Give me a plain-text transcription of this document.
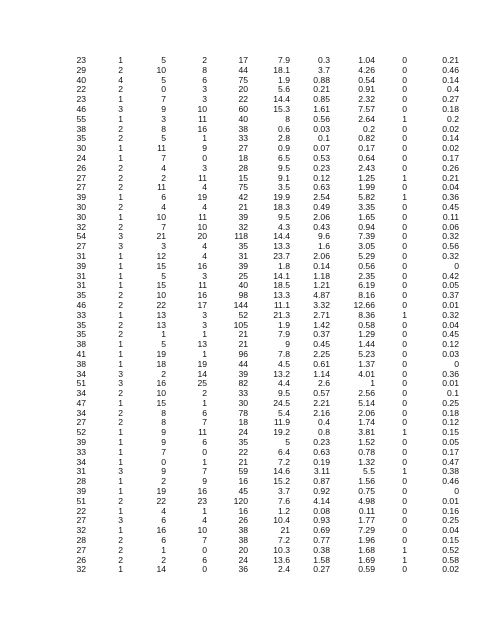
23	1	5	2	17	7.9	0.3	1.04	0	0.21
29	2	10	8	44	18.1	3.7	4.26	0	0.46
40	4	5	6	75	1.9	0.88	0.54	0	0.14
22	2	0	3	20	5.6	0.21	0.91	0	0.4
23	1	7	3	22	14.4	0.85	2.32	0	0.27
46	3	9	10	60	15.3	1.61	7.57	0	0.18
55	1	3	11	40	8	0.56	2.64	1	0.2
38	2	8	16	38	0.6	0.03	0.2	0	0.02
35	2	5	1	33	2.8	0.1	0.82	0	0.14
30	1	11	9	27	0.9	0.07	0.17	0	0.02
24	1	7	0	18	6.5	0.53	0.64	0	0.17
26	2	4	3	28	9.5	0.23	2.43	0	0.26
27	2	2	11	15	9.1	0.12	1.25	1	0.21
27	2	11	4	75	3.5	0.63	1.99	0	0.04
39	1	6	19	42	19.9	2.54	5.82	1	0.36
30	2	4	4	21	18.3	0.49	3.35	0	0.45
30	1	10	11	39	9.5	2.06	1.65	0	0.11
32	2	7	10	32	4.3	0.43	0.94	0	0.06
54	3	21	20	118	14.4	9.6	7.39	0	0.32
27	3	3	4	35	13.3	1.6	3.05	0	0.56
31	1	12	4	31	23.7	2.06	5.29	0	0.32
39	1	15	16	39	1.8	0.14	0.56	0	0
31	1	5	3	25	14.1	1.18	2.35	0	0.42
31	1	15	11	40	18.5	1.21	6.19	0	0.05
35	2	10	16	98	13.3	4.87	8.16	0	0.37
46	2	22	17	144	11.1	3.32	12.66	0	0.01
33	1	13	3	52	21.3	2.71	8.36	1	0.32
35	2	13	3	105	1.9	1.42	0.58	0	0.04
35	2	1	1	21	7.9	0.37	1.29	0	0.45
38	1	5	13	21	9	0.45	1.44	0	0.12
41	1	19	1	96	7.8	2.25	5.23	0	0.03
38	1	18	19	44	4.5	0.61	1.37	0	0
34	3	2	14	39	13.2	1.14	4.01	0	0.36
51	3	16	25	82	4.4	2.6	1	0	0.01
34	2	10	2	33	9.5	0.57	2.56	0	0.1
47	1	15	1	30	24.5	2.21	5.14	0	0.25
34	2	8	6	78	5.4	2.16	2.06	0	0.18
27	2	8	7	18	11.9	0.4	1.74	0	0.12
52	1	9	11	24	19.2	0.8	3.81	1	0.15
39	1	9	6	35	5	0.23	1.52	0	0.05
33	1	7	0	22	6.4	0.63	0.78	0	0.17
34	1	0	1	21	7.2	0.19	1.32	0	0.47
31	3	9	7	59	14.6	3.11	5.5	1	0.38
28	1	2	9	16	15.2	0.87	1.56	0	0.46
39	1	19	16	45	3.7	0.92	0.75	0	0
51	2	22	23	120	7.6	4.14	4.98	0	0.01
22	1	4	1	16	1.2	0.08	0.11	0	0.16
27	3	6	4	26	10.4	0.93	1.77	0	0.25
32	1	16	10	38	21	0.69	7.29	0	0.04
28	2	6	7	38	7.2	0.77	1.96	0	0.15
27	2	1	0	20	10.3	0.38	1.68	1	0.52
26	2	2	6	24	13.6	1.58	1.69	1	0.58
32	1	14	0	36	2.4	0.27	0.59	0	0.02
